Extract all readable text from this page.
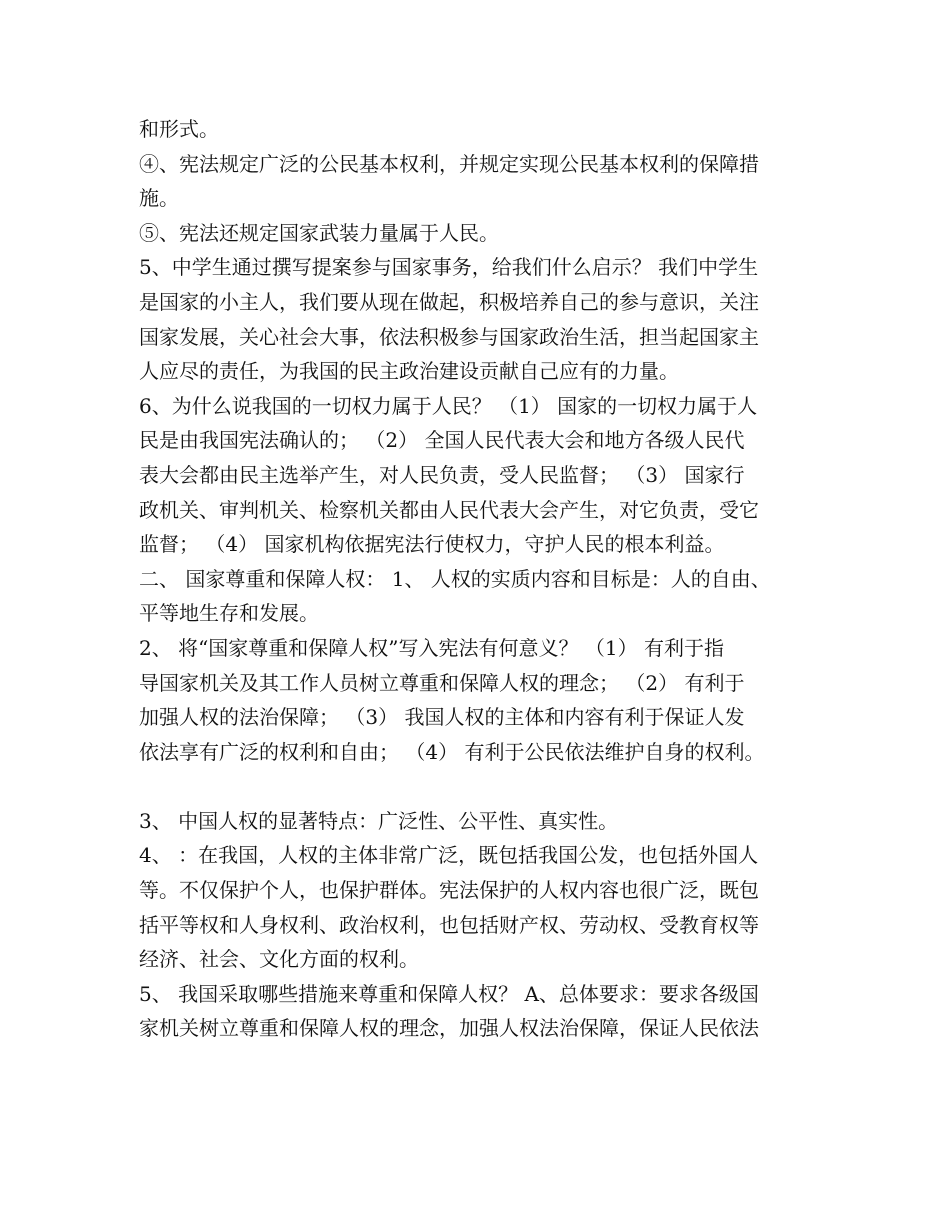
和形式。
④、宪法规定广泛的公民基本权利，并规定实现公民基本权利的保障措
施。
⑤、宪法还规定国家武装力量属于人民。
5、中学生通过撰写提案参与国家事务，给我们什么启示？ 我们中学生
是国家的小主人，我们要从现在做起，积极培养自己的参与意识，关注
国家发展，关心社会大事，依法积极参与国家政治生活，担当起国家主
人应尽的责任，为我国的民主政治建设贡献自己应有的力量。
6、为什么说我国的一切权力属于人民？ （1） 国家的一切权力属于人
民是由我国宪法确认的； （2） 全国人民代表大会和地方各级人民代
表大会都由民主选举产生，对人民负责，受人民监督； （3） 国家行
政机关、审判机关、检察机关都由人民代表大会产生，对它负责，受它
监督； （4） 国家机构依据宪法行使权力，守护人民的根本利益。
二、 国家尊重和保障人权： 1、 人权的实质内容和目标是：人的自由、
平等地生存和发展。
2、 将“国家尊重和保障人权”写入宪法有何意义？ （1） 有利于指
导国家机关及其工作人员树立尊重和保障人权的理念； （2） 有利于
加强人权的法治保障； （3） 我国人权的主体和内容有利于保证人发
依法享有广泛的权利和自由； （4） 有利于公民依法维护自身的权利。
3、 中国人权的显著特点：广泛性、公平性、真实性。
4、 ：在我国，人权的主体非常广泛，既包括我国公发，也包括外国人
等。不仅保护个人，也保护群体。宪法保护的人权内容也很广泛，既包
括平等权和人身权利、政治权利，也包括财产权、劳动权、受教育权等
经济、社会、文化方面的权利。
5、 我国采取哪些措施来尊重和保障人权？ A、总体要求：要求各级国
家机关树立尊重和保障人权的理念，加强人权法治保障，保证人民依法
